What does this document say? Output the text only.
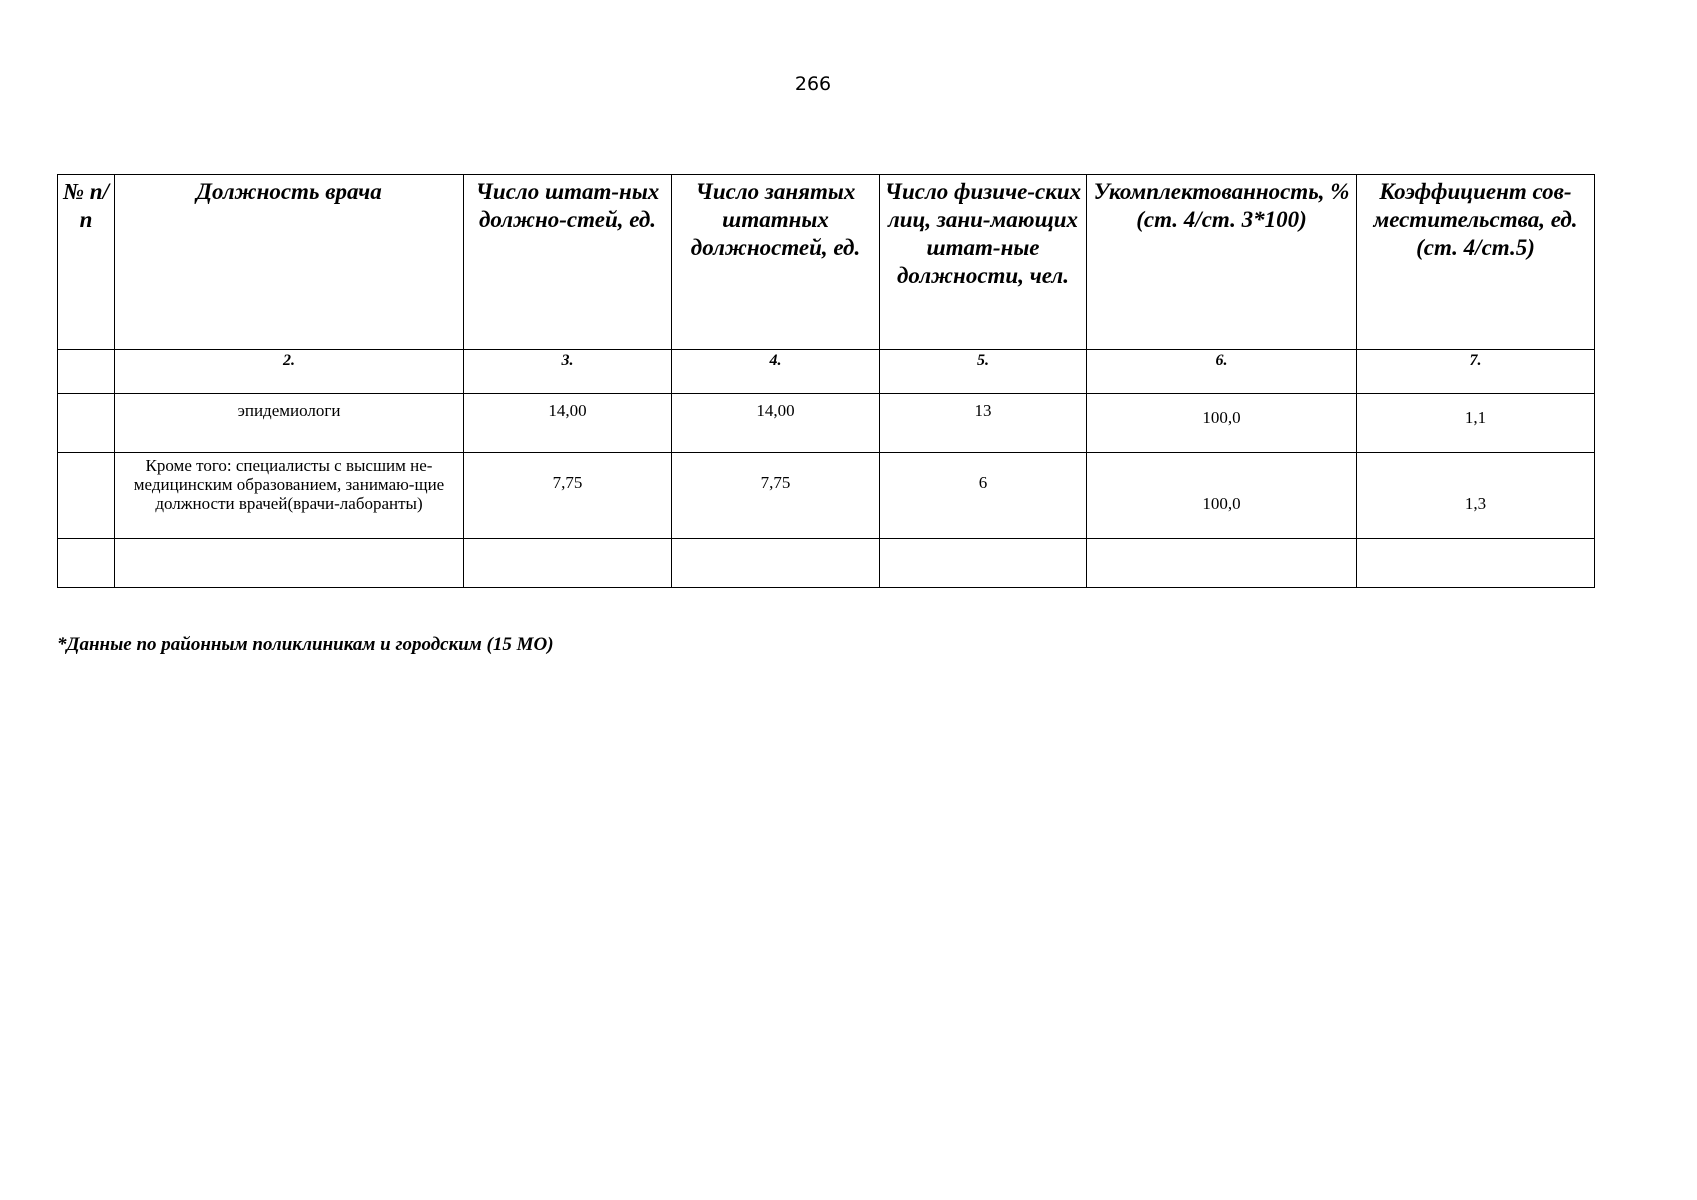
266
№ п/п	Должность врача	Число штат-ных должно-стей, ед.	Число занятых штатных должностей, ед.	Число физиче-ских лиц, зани-мающих штат-ные должности, чел.	Укомплектованность, % (ст. 4/ст. 3*100)	Коэффициент сов-местительства, ед. (ст. 4/ст.5)
	2.	3.	4.	5.	6.	7.
	эпидемиологи	14,00	14,00	13	100,0	1,1
	Кроме того: специалисты с высшим не-медицинским образованием, занимаю-щие должности врачей(врачи-лаборанты)	7,75	7,75	6	100,0	1,3

*Данные по районным поликлиникам и городским (15 МО)
